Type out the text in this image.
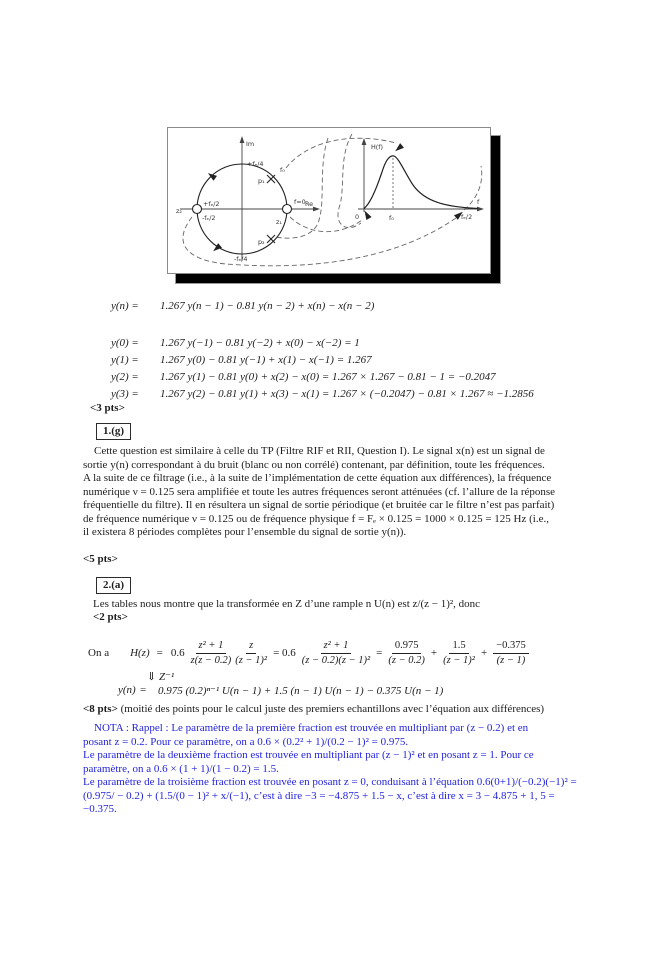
Im
Re
+fₑ/4
-fₑ/4
f₀
p₁
p₂
f=0
z₁
z₂
+fₑ/2
-fₑ/2
H(f)
f
0	f₀	fₑ/2
y(n) = 1.267 y(n − 1) − 0.81 y(n − 2) + x(n) − x(n − 2)
y(0) = 1.267 y(−1) − 0.81 y(−2) + x(0) − x(−2) = 1
y(1) = 1.267 y(0) − 0.81 y(−1) + x(1) − x(−1) = 1.267
y(2) = 1.267 y(1) − 0.81 y(0) + x(2) − x(0) = 1.267 × 1.267 − 0.81 − 1 = −0.2047
y(3) = 1.267 y(2) − 0.81 y(1) + x(3) − x(1) = 1.267 × (−0.2047) − 0.81 × 1.267 ≈ −1.2856
<3 pts>
1.(g)
Cette question est similaire à celle du TP (Filtre RIF et RII, Question I). Le signal x(n) est un signal de
sortie y(n) correspondant à du bruit (blanc ou non corrélé) contenant, par définition, toute les fréquences.
A la suite de ce filtrage (i.e., à la suite de l’implémentation de cette équation aux différences), la fréquence
numérique ν = 0.125 sera amplifiée et toute les autres fréquences seront atténuées (cf. l’allure de la réponse
fréquentielle du filtre). Il en résultera un signal de sortie périodique (et bruitée car le filtre n’est pas parfait)
de fréquence numérique ν = 0.125 ou de fréquence physique f = Fₑ × 0.125 = 1000 × 0.125 = 125 Hz (i.e.,
il existera 8 périodes complètes pour l’ensemble du signal de sortie y(n)).
<5 pts>
2.(a)
Les tables nous montre que la transformée en Z d’une rample n U(n) est z/(z − 1)², donc
<2 pts>
On a $H(z) = 0.6 \frac{\text{z² + 1}}{z(z - 0.2)} \frac{z}{\text{(z − 1)²}} = 0.6 \frac{\text{z² + 1}}{\text{(z − 0.2)(z − 1)²}} = \frac{0.975}{(z - 0.2)} + \frac{1.5}{\text{(z − 1)²}} + \frac{-0.375}{(z - 1)}$
⇓ Z⁻¹
y(n) = 0.975 (0.2)ⁿ⁻¹ U(n − 1) + 1.5 (n − 1) U(n − 1) − 0.375 U(n − 1)
<8 pts> (moitié des points pour le calcul juste des premiers echantillons avec l’équation aux différences)
NOTA : Rappel : Le paramètre de la première fraction est trouvée en multipliant par (z − 0.2) et en
posant z = 0.2. Pour ce paramètre, on a 0.6 × (0.2² + 1)/(0.2 − 1)² = 0.975.
Le paramètre de la deuxième fraction est trouvée en multipliant par (z − 1)² et en posant z = 1. Pour ce
paramètre, on a 0.6 × (1 + 1)/(1 − 0.2) = 1.5.
Le paramètre de la troisième fraction est trouvée en posant z = 0, conduisant à l’équation 0.6(0+1)/(−0.2)(−1)² =
(0.975/ − 0.2) + (1.5/(0 − 1)² + x/(−1), c’est à dire −3 = −4.875 + 1.5 − x, c’est à dire x = 3 − 4.875 + 1, 5 =
−0.375.
